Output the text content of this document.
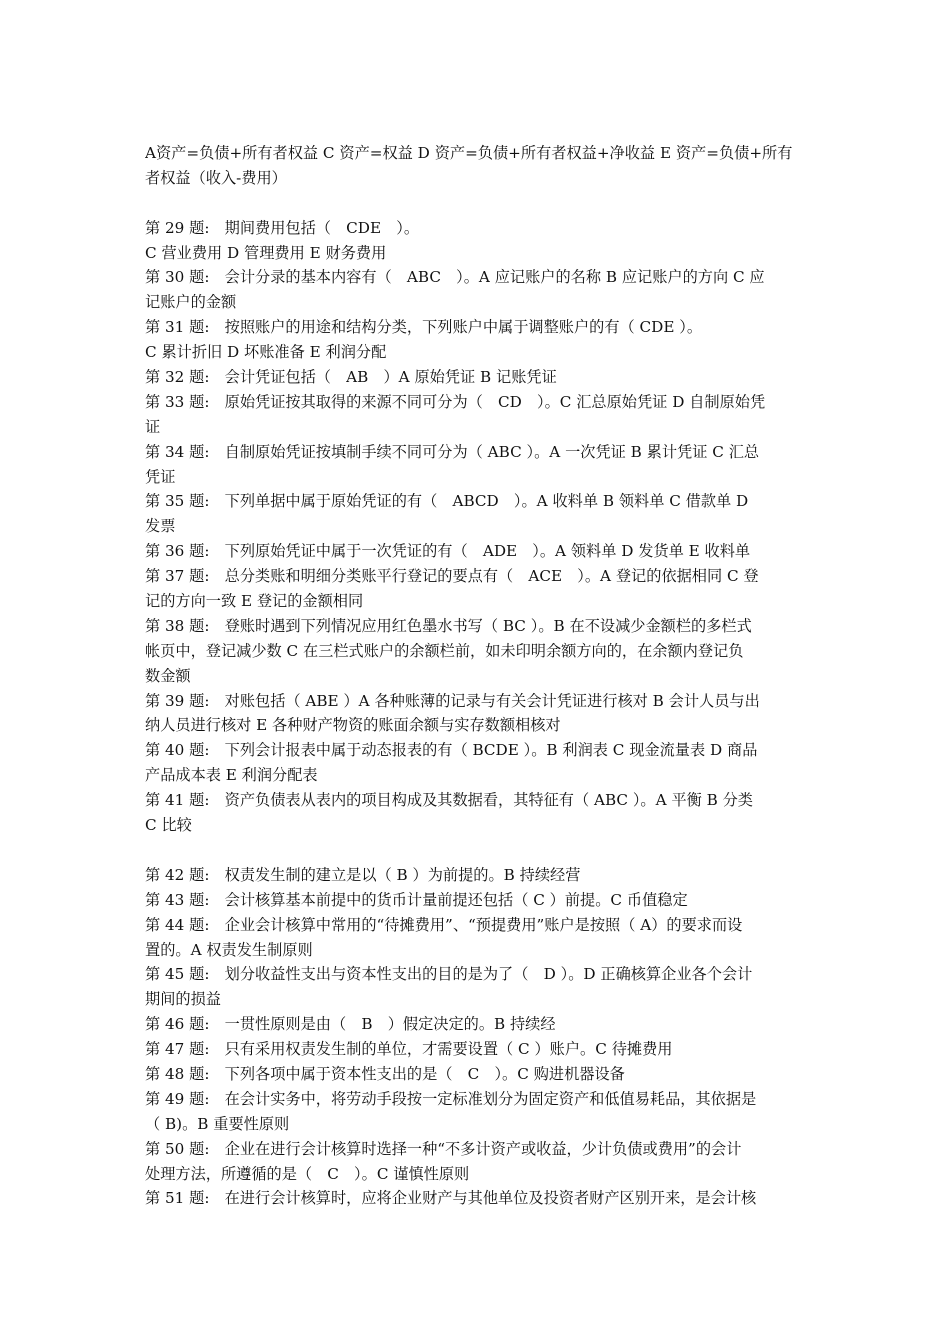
A资产=负债+所有者权益 C 资产=权益 D 资产=负债+所有者权益+净收益 E 资产=负债+所有
者权益（收入-费用）
第 29 题:　期间费用包括（　CDE　）。
C 营业费用 D 管理费用 E 财务费用
第 30 题:　会计分录的基本内容有（　ABC　）。A 应记账户的名称 B 应记账户的方向 C 应
记账户的金额
第 31 题:　按照账户的用途和结构分类，下列账户中属于调整账户的有（ CDE ）。
C 累计折旧 D 坏账准备 E 利润分配
第 32 题:　会计凭证包括（　AB　）A 原始凭证 B 记账凭证
第 33 题:　原始凭证按其取得的来源不同可分为（　CD　）。C 汇总原始凭证 D 自制原始凭
证
第 34 题:　自制原始凭证按填制手续不同可分为（ ABC ）。A 一次凭证 B 累计凭证 C 汇总
凭证
第 35 题:　下列单据中属于原始凭证的有（　ABCD　）。A 收料单 B 领料单 C 借款单 D
发票
第 36 题:　下列原始凭证中属于一次凭证的有（　ADE　）。A 领料单 D 发货单 E 收料单
第 37 题:　总分类账和明细分类账平行登记的要点有（　ACE　）。A 登记的依据相同 C 登
记的方向一致 E 登记的金额相同
第 38 题:　登账时遇到下列情况应用红色墨水书写（ BC ）。B 在不设减少金额栏的多栏式
帐页中，登记减少数 C 在三栏式账户的余额栏前，如未印明余额方向的，在余额内登记负
数金额
第 39 题:　对账包括（ ABE ）A 各种账薄的记录与有关会计凭证进行核对 B 会计人员与出
纳人员进行核对 E 各种财产物资的账面余额与实存数额相核对
第 40 题:　下列会计报表中属于动态报表的有（ BCDE ）。B 利润表 C 现金流量表 D 商品
产品成本表 E 利润分配表
第 41 题:　资产负债表从表内的项目构成及其数据看，其特征有（ ABC ）。A 平衡 B 分类
C 比较
第 42 题:　权责发生制的建立是以（ B ）为前提的。B 持续经营
第 43 题:　会计核算基本前提中的货币计量前提还包括（ C ）前提。C 币值稳定
第 44 题:　企业会计核算中常用的“待摊费用”、“预提费用”账户是按照（ A）的要求而设
置的。A 权责发生制原则
第 45 题:　划分收益性支出与资本性支出的目的是为了（　D ）。D 正确核算企业各个会计
期间的损益
第 46 题:　一贯性原则是由（　B　）假定决定的。B 持续经
第 47 题:　只有采用权责发生制的单位，才需要设置（ C ）账户。C 待摊费用
第 48 题:　下列各项中属于资本性支出的是（　C　）。C 购进机器设备
第 49 题:　在会计实务中，将劳动手段按一定标准划分为固定资产和低值易耗品，其依据是
（ B)。B 重要性原则
第 50 题:　企业在进行会计核算时选择一种“不多计资产或收益，少计负债或费用”的会计
处理方法，所遵循的是（　C　）。C 谨慎性原则
第 51 题:　在进行会计核算时，应将企业财产与其他单位及投资者财产区别开来，是会计核
